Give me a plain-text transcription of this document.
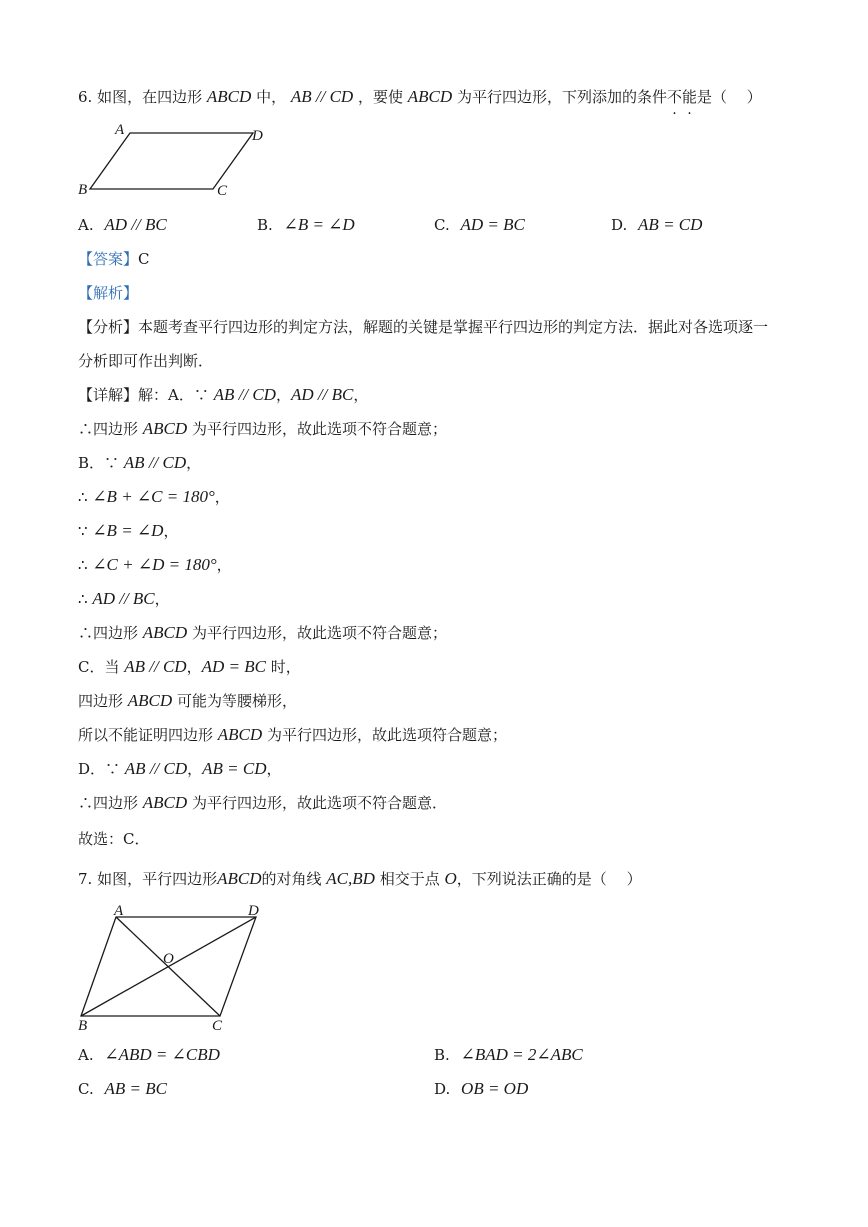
6. 如图，在四边形 ABCD 中， AB // CD ，要使 ABCD 为平行四边形，下列添加的条件不能是（　 ）
A	D
B	C
A. AD // BC	B. ∠B = ∠D	C. AD = BC	D. AB = CD
【答案】C
【解析】
【分析】本题考查平行四边形的判定方法，解题的关键是掌握平行四边形的判定方法．据此对各选项逐一
分析即可作出判断．
【详解】解：A．∵ AB // CD，AD // BC，
∴四边形 ABCD 为平行四边形，故此选项不符合题意；
B．∵ AB // CD，
∴ ∠B + ∠C = 180°，
∵ ∠B = ∠D，
∴ ∠C + ∠D = 180°，
∴ AD // BC，
∴四边形 ABCD 为平行四边形，故此选项不符合题意；
C．当 AB // CD，AD = BC 时，
四边形 ABCD 可能为等腰梯形，
所以不能证明四边形 ABCD 为平行四边形，故此选项符合题意；
D．∵ AB // CD，AB = CD，
∴四边形 ABCD 为平行四边形，故此选项不符合题意．
故选：C．
7. 如图，平行四边形ABCD的对角线 AC,BD 相交于点 O，下列说法正确的是（　 ）
A	D
O
B	C
A. ∠ABD = ∠CBD	B. ∠BAD = 2∠ABC
C. AB = BC	D. OB = OD
